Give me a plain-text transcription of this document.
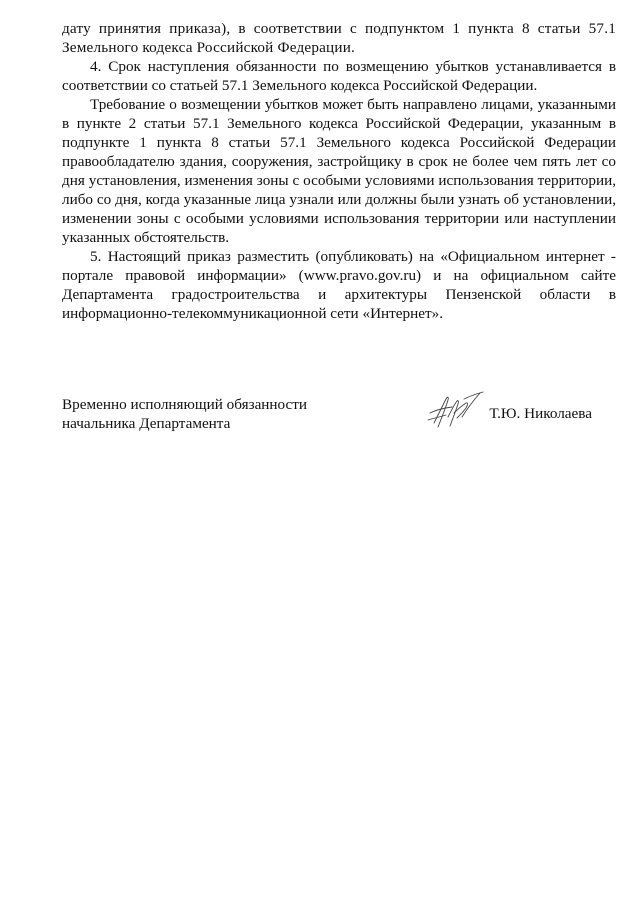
дату принятия приказа), в соответствии с подпунктом 1 пункта 8 статьи 57.1 Земельного кодекса Российской Федерации.

4. Срок наступления обязанности по возмещению убытков устанавливается в соответствии со статьей 57.1 Земельного кодекса Российской Федерации.

Требование о возмещении убытков может быть направлено лицами, указанными в пункте 2 статьи 57.1 Земельного кодекса Российской Федерации, указанным в подпункте 1 пункта 8 статьи 57.1 Земельного кодекса Российской Федерации правообладателю здания, сооружения, застройщику в срок не более чем пять лет со дня установления, изменения зоны с особыми условиями использования территории, либо со дня, когда указанные лица узнали или должны были узнать об установлении, изменении зоны с особыми условиями использования территории или наступлении указанных обстоятельств.

5. Настоящий приказ разместить (опубликовать) на «Официальном интернет - портале правовой информации» (www.pravo.gov.ru) и на официальном сайте Департамента градостроительства и архитектуры Пензенской области в информационно-телекоммуникационной сети «Интернет».

Временно исполняющий обязанности
начальника Департамента
Т.Ю. Николаева
